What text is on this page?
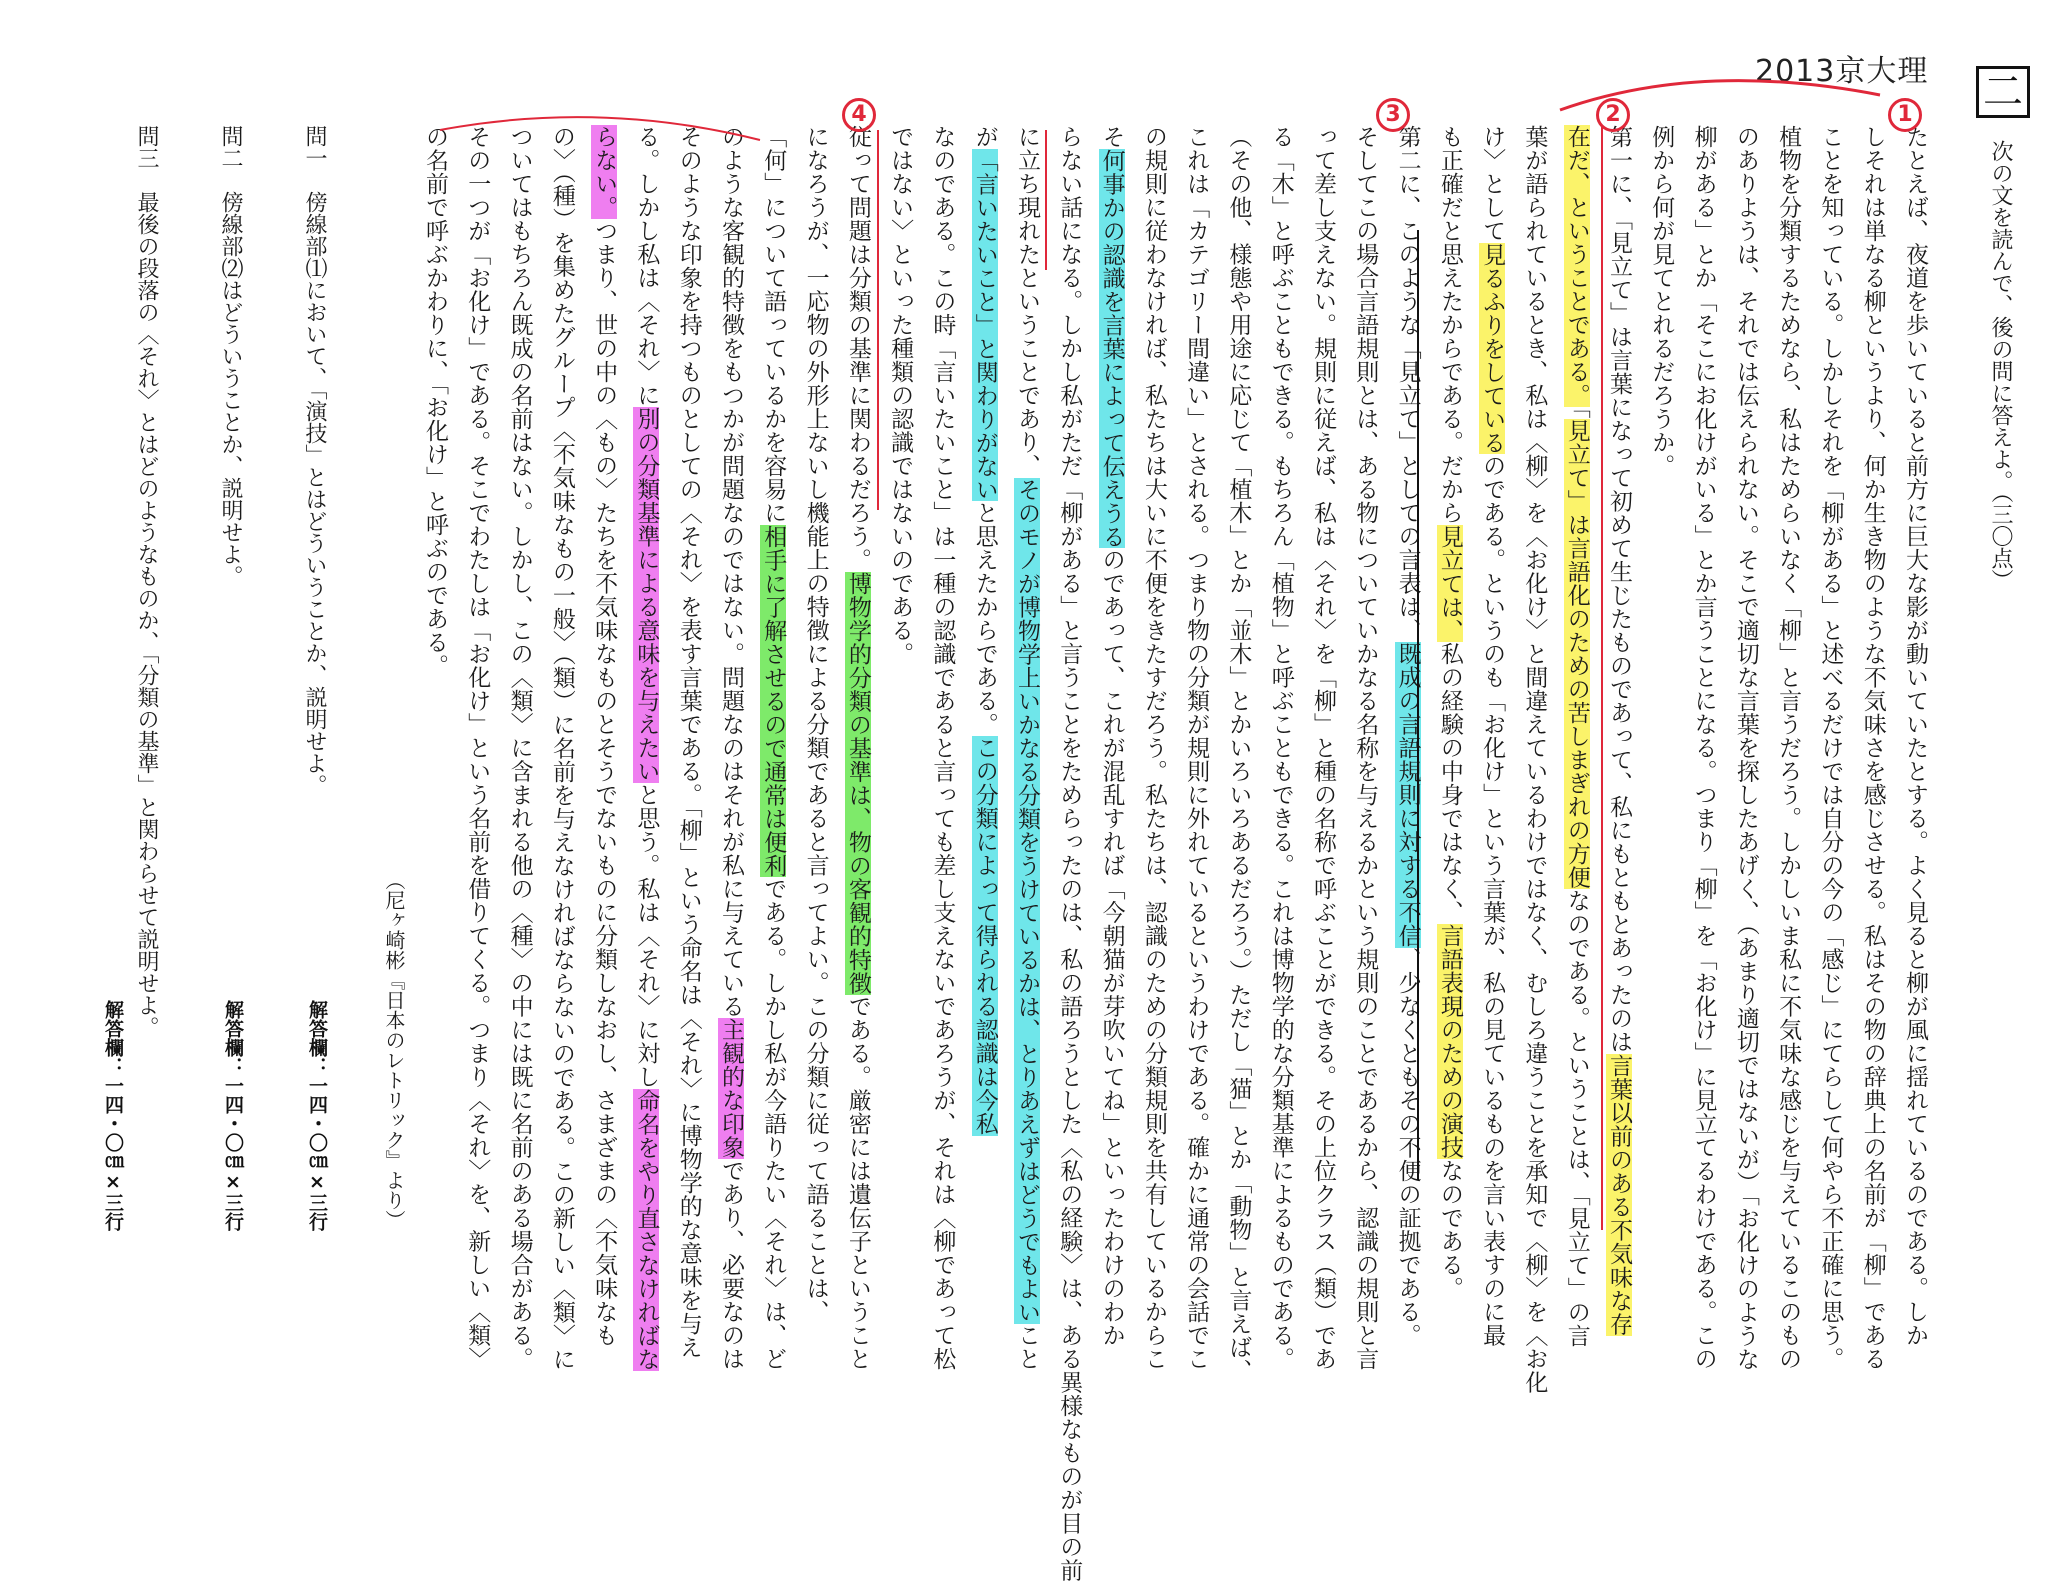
二
2013京大理
次の文を読んで、後の問に答えよ。（三〇点）
たとえば、夜道を歩いていると前方に巨大な影が動いていたとする。よく見ると柳が風に揺れているのである。しか
しそれは単なる柳というより、何か生き物のような不気味さを感じさせる。私はその物の辞典上の名前が「柳」である
ことを知っている。しかしそれを「柳がある」と述べるだけでは自分の今の「感じ」にてらして何やら不正確に思う。
植物を分類するためなら、私はためらいなく「柳」と言うだろう。しかしいま私に不気味な感じを与えているこのもの
のありようは、それでは伝えられない。そこで適切な言葉を探したあげく、（あまり適切ではないが）「お化けのような
柳がある」とか「そこにお化けがいる」とか言うことになる。つまり「柳」を「お化け」に見立てるわけである。この
例から何が見てとれるだろうか。
第一に、「見立て」は言葉になって初めて生じたものであって、私にもともとあったのは言葉以前のある不気味な存
在だ、ということである。「見立て」は言語化のための苦しまぎれの方便なのである。ということは、「見立て」の言
葉が語られているとき、私は〈柳〉を〈お化け〉と間違えているわけではなく、むしろ違うことを承知で〈柳〉を〈お化
け〉として見るふりをしているのである。というのも「お化け」という言葉が、私の見ているものを言い表すのに最
も正確だと思えたからである。だから見立ては、私の経験の中身ではなく、言語表現のための演技なのである。
第二に、このような「見立て」としての言表は、既成の言語規則に対する不信、少なくともその不便の証拠である。
そしてこの場合言語規則とは、ある物についていかなる名称を与えるかという規則のことであるから、認識の規則と言
って差し支えない。規則に従えば、私は〈それ〉を「柳」と種の名称で呼ぶことができる。その上位クラス（類）であ
る「木」と呼ぶこともできる。もちろん「植物」と呼ぶこともできる。これは博物学的な分類基準によるものである。
（その他、様態や用途に応じて「植木」とか「並木」とかいろいろあるだろう。）ただし「猫」とか「動物」と言えば、
これは「カテゴリー間違い」とされる。つまり物の分類が規則に外れているというわけである。確かに通常の会話でこ
の規則に従わなければ、私たちは大いに不便をきたすだろう。私たちは、認識のための分類規則を共有しているからこ
そ何事かの認識を言葉によって伝えうるのであって、これが混乱すれば「今朝猫が芽吹いてね」といったわけのわか
らない話になる。しかし私がただ「柳がある」と言うことをためらったのは、私の語ろうとした〈私の経験〉は、ある異様なものが目の前
に立ち現れたということであり、そのモノが博物学上いかなる分類をうけているかは、とりあえずはどうでもよいこと
が「言いたいこと」と関わりがないと思えたからである。この分類によって得られる認識は今私
なのである。この時「言いたいこと」は一種の認識であると言っても差し支えないであろうが、それは〈柳であって松
ではない〉といった種類の認識ではないのである。
従って問題は分類の基準に関わるだろう。博物学的分類の基準は、物の客観的特徴である。厳密には遺伝子ということ
になろうが、一応物の外形上ないし機能上の特徴による分類であると言ってよい。この分類に従って語ることは、
「何」について語っているかを容易に相手に了解させるので通常は便利である。しかし私が今語りたい〈それ〉は、ど
のような客観的特徴をもつかが問題なのではない。問題なのはそれが私に与えている主観的な印象であり、必要なのは
そのような印象を持つものとしての〈それ〉を表す言葉である。「柳」という命名は〈それ〉に博物学的な意味を与え
る。しかし私は〈それ〉に別の分類基準による意味を与えたいと思う。私は〈それ〉に対し命名をやり直さなければな
らない。つまり、世の中の〈もの〉たちを不気味なものとそうでないものに分類しなおし、さまざまの〈不気味なも
の〉（種）を集めたグループ〈不気味なもの一般〉（類）に名前を与えなければならないのである。この新しい〈類〉に
ついてはもちろん既成の名前はない。しかし、この〈類〉に含まれる他の〈種〉の中には既に名前のある場合がある。
その一つが「お化け」である。そこでわたしは「お化け」という名前を借りてくる。つまり〈それ〉を、新しい〈類〉
の名前で呼ぶかわりに、「お化け」と呼ぶのである。
1
2
3
4
（尼ヶ崎彬『日本のレトリック』より）
問一　傍線部⑴において、「演技」とはどういうことか、説明せよ。
問二　傍線部⑵はどういうことか、説明せよ。
問三　最後の段落の〈それ〉とはどのようなものか、「分類の基準」と関わらせて説明せよ。
解答欄：一四・〇㎝×三行
解答欄：一四・〇㎝×三行
解答欄：一四・〇㎝×三行
